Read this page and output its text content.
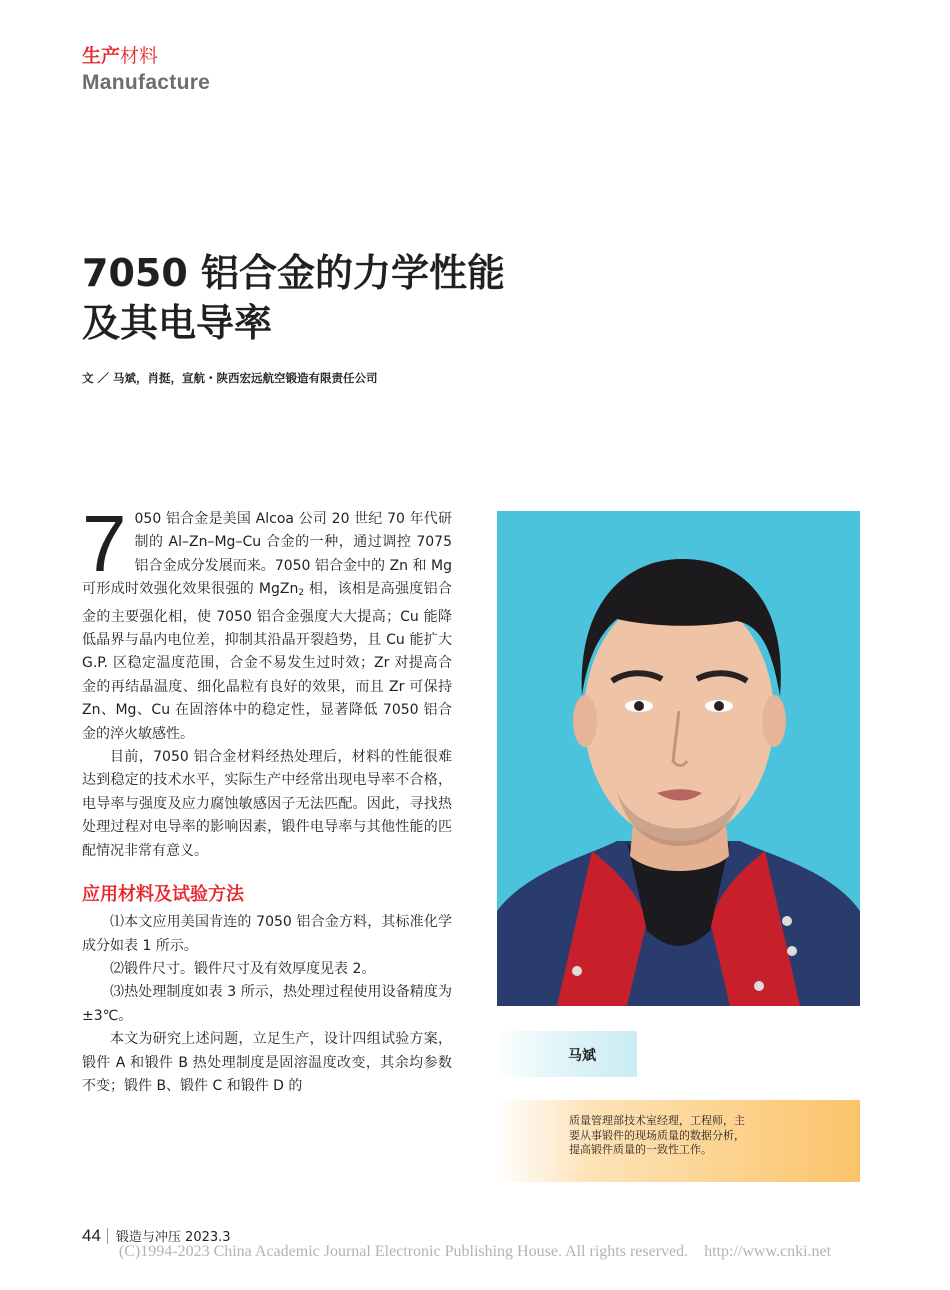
生产材料
Manufacture
7050 铝合金的力学性能
及其电导率
文 ／ 马斌，肖挺，宣航・陕西宏远航空锻造有限责任公司

7 050 铝合金是美国 Alcoa 公司 20 世纪 70 年代研制的 Al–Zn–Mg–Cu 合金的一种，通过调控 7075 铝合金成分发展而来。7050 铝合金中的 Zn 和 Mg 可形成时效强化效果很强的 MgZn$_2$ 相，该相是高强度铝合金的主要强化相，使 7050 铝合金强度大大提高；Cu 能降低晶界与晶内电位差，抑制其沿晶开裂趋势，且 Cu 能扩大 G.P. 区稳定温度范围，合金不易发生过时效；Zr 对提高合金的再结晶温度、细化晶粒有良好的效果，而且 Zr 可保持 Zn、Mg、Cu 在固溶体中的稳定性，显著降低 7050 铝合金的淬火敏感性。

目前，7050 铝合金材料经热处理后，材料的性能很难达到稳定的技术水平，实际生产中经常出现电导率不合格，电导率与强度及应力腐蚀敏感因子无法匹配。因此，寻找热处理过程对电导率的影响因素，锻件电导率与其他性能的匹配情况非常有意义。

应用材料及试验方法

⑴本文应用美国肯连的 7050 铝合金方料，其标准化学成分如表 1 所示。

⑵锻件尺寸。锻件尺寸及有效厚度见表 2。

⑶热处理制度如表 3 所示，热处理过程使用设备精度为 ±3℃。

本文为研究上述问题，立足生产，设计四组试验方案，锻件 A 和锻件 B 热处理制度是固溶温度改变，其余均参数不变；锻件 B、锻件 C 和锻件 D 的

马斌
质量管理部技术室经理，工程师，主要从事锻件的现场质量的数据分析，提高锻件质量的一致性工作。
44 锻造与冲压 2023.3
(C)1994-2023 China Academic Journal Electronic Publishing House. All rights reserved. http://www.cnki.net
